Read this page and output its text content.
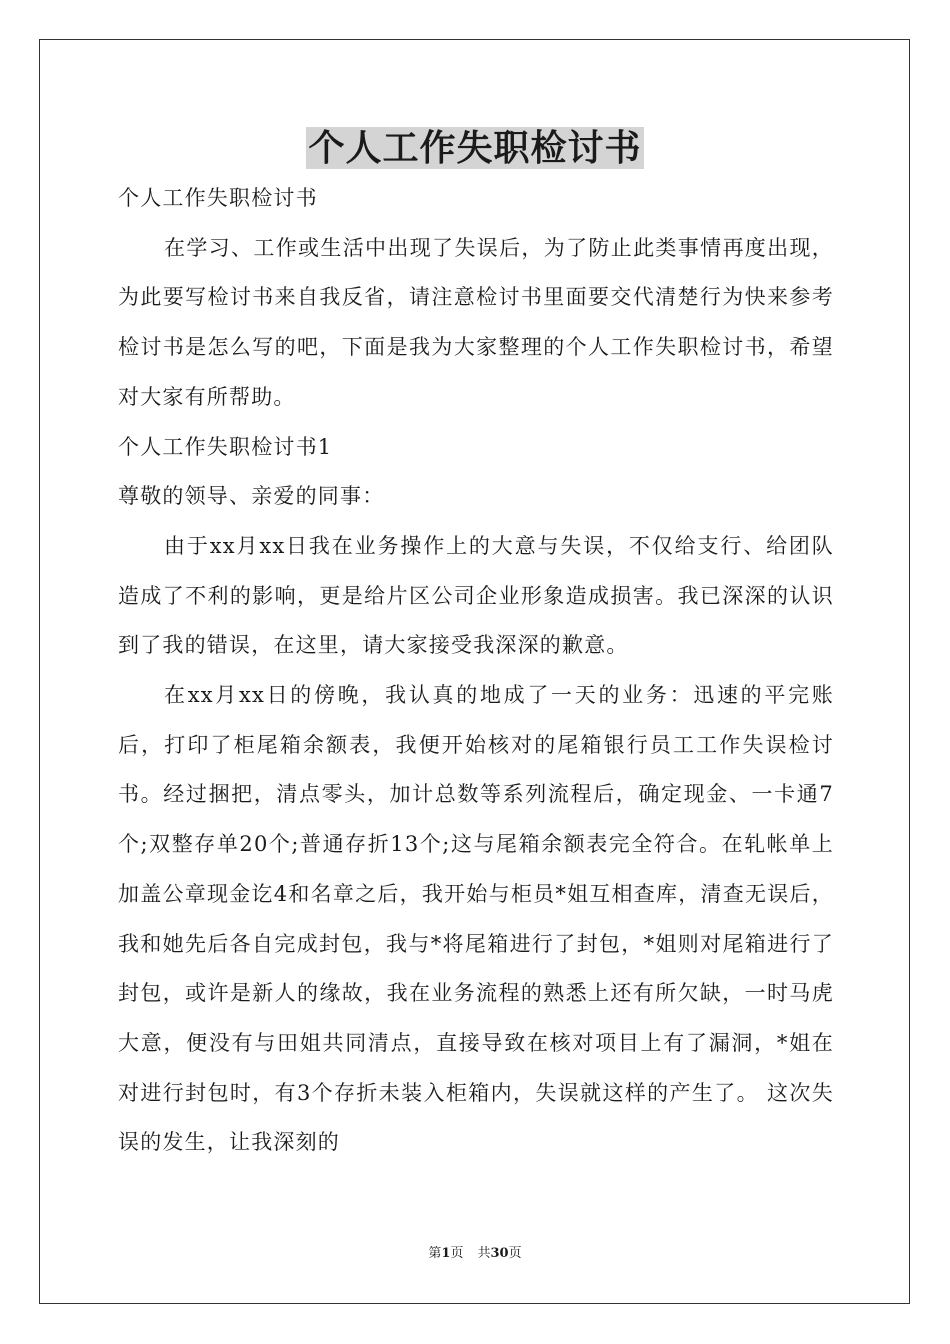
个人工作失职检讨书

个人工作失职检讨书

在学习、工作或生活中出现了失误后，为了防止此类事情再度出现，为此要写检讨书来自我反省，请注意检讨书里面要交代清楚行为快来参考检讨书是怎么写的吧，下面是我为大家整理的个人工作失职检讨书，希望对大家有所帮助。

个人工作失职检讨书1

尊敬的领导、亲爱的同事：

由于xx月xx日我在业务操作上的大意与失误，不仅给支行、给团队造成了不利的影响，更是给片区公司企业形象造成损害。我已深深的认识到了我的错误，在这里，请大家接受我深深的歉意。

在xx月xx日的傍晚，我认真的地成了一天的业务：迅速的平完账后，打印了柜尾箱余额表，我便开始核对的尾箱银行员工工作失误检讨书。经过捆把，清点零头，加计总数等系列流程后，确定现金、一卡通7个;双整存单20个;普通存折13个;这与尾箱余额表完全符合。在轧帐单上加盖公章现金讫4和名章之后，我开始与柜员*姐互相查库，清查无误后，我和她先后各自完成封包，我与*将尾箱进行了封包，*姐则对尾箱进行了封包，或许是新人的缘故，我在业务流程的熟悉上还有所欠缺，一时马虎大意，便没有与田姐共同清点，直接导致在核对项目上有了漏洞，*姐在对进行封包时，有3个存折未装入柜箱内，失误就这样的产生了。 这次失误的发生，让我深刻的

第1页 共30页
